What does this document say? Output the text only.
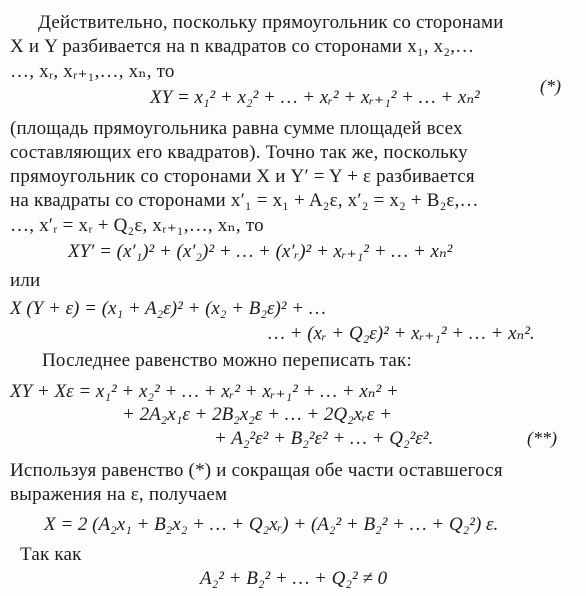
Действительно, поскольку прямоугольник со сторонами
X и Y разбивается на n квадратов со сторонами x₁, x₂,…
…, xᵣ, xᵣ₊₁,…, xₙ, то
XY = x₁² + x₂² + … + xᵣ² + xᵣ₊₁² + … + xₙ²
(*)
(площадь прямоугольника равна сумме площадей всех
составляющих его квадратов). Точно так же, поскольку
прямоугольник со сторонами X и Y′ = Y + ε разбивается
на квадраты со сторонами x′₁ = x₁ + A₂ε, x′₂ = x₂ + B₂ε,…
…, x′ᵣ = xᵣ + Q₂ε, xᵣ₊₁,…, xₙ, то
XY′ = (x′₁)² + (x′₂)² + … + (x′ᵣ)² + xᵣ₊₁² + … + xₙ²
или
X (Y + ε) = (x₁ + A₂ε)² + (x₂ + B₂ε)² + …
… + (xᵣ + Q₂ε)² + xᵣ₊₁² + … + xₙ².
Последнее равенство можно переписать так:
XY + Xε = x₁² + x₂² + … + xᵣ² + xᵣ₊₁² + … + xₙ² +
+ 2A₂x₁ε + 2B₂x₂ε + … + 2Q₂xᵣε +
+ A₂²ε² + B₂²ε² + … + Q₂²ε².	(**)
Используя равенство (*) и сокращая обе части оставшегося
выражения на ε, получаем
X = 2 (A₂x₁ + B₂x₂ + … + Q₂xᵣ) + (A₂² + B₂² + … + Q₂²) ε.
Так как
A₂² + B₂² + … + Q₂² ≠ 0
